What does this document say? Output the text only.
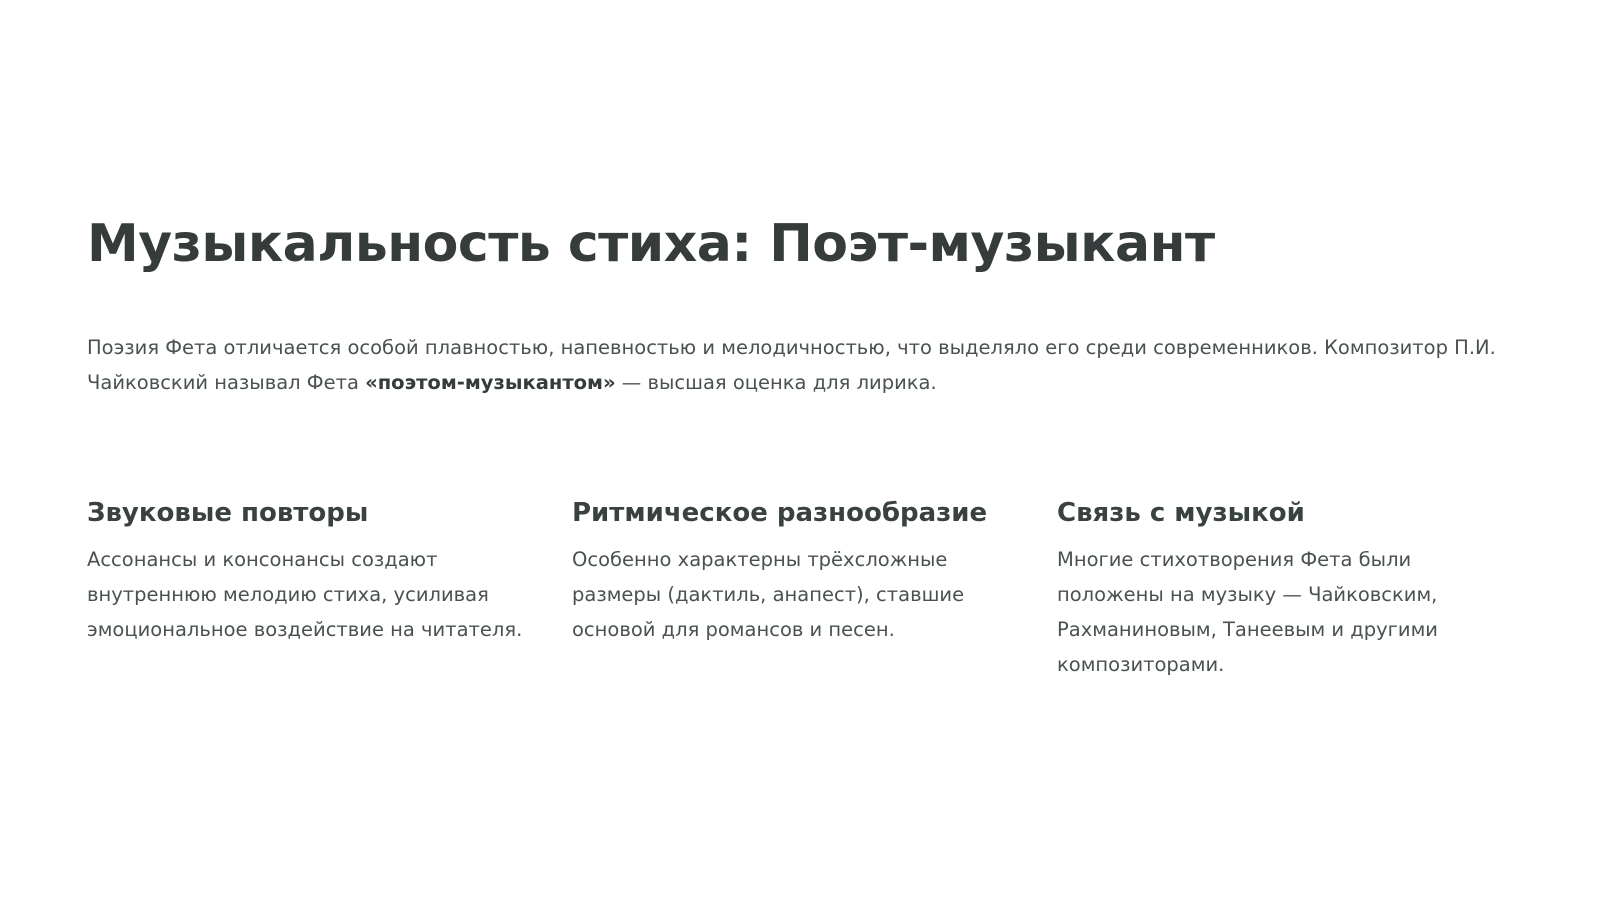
Музыкальность стиха: Поэт-музыкант

Поэзия Фета отличается особой плавностью, напевностью и мелодичностью, что выделяло его среди современников. Композитор П.И. Чайковский называл Фета «поэтом-музыкантом» — высшая оценка для лирика.

Звуковые повторы

Ассонансы и консонансы создают внутреннюю мелодию стиха, усиливая эмоциональное воздействие на читателя.

Ритмическое разнообразие

Особенно характерны трёхсложные размеры (дактиль, анапест), ставшие основой для романсов и песен.

Связь с музыкой

Многие стихотворения Фета были положены на музыку — Чайковским, Рахманиновым, Танеевым и другими композиторами.
